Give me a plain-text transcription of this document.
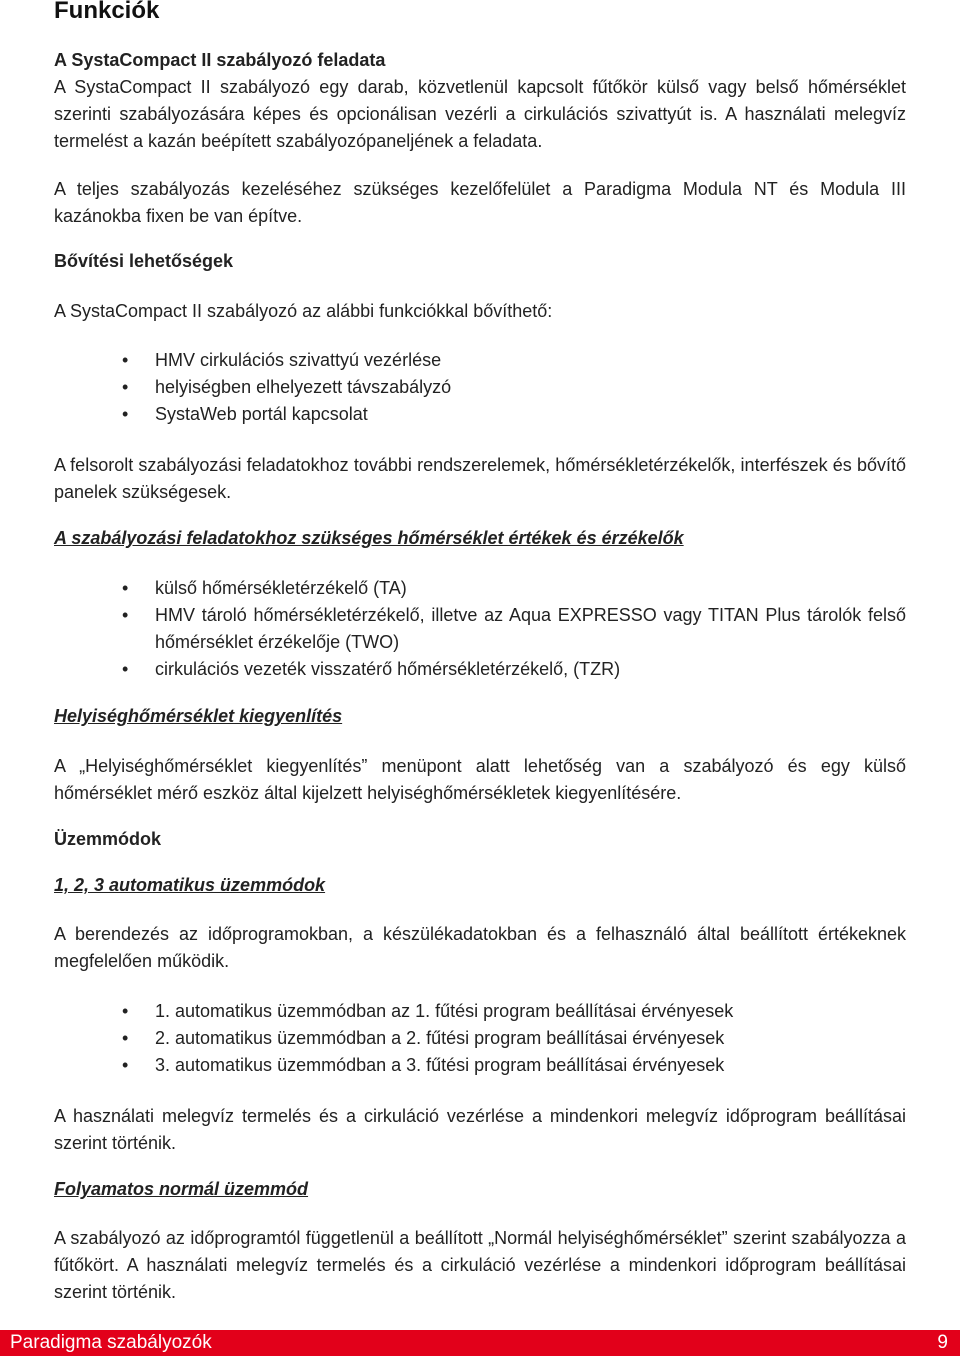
Funkciók
A SystaCompact II szabályozó feladata
A SystaCompact II szabályozó egy darab, közvetlenül kapcsolt fűtőkör külső vagy belső hőmérséklet szerinti szabályozására képes és opcionálisan vezérli a cirkulációs szivattyút is. A használati melegvíz termelést a kazán beépített szabályozópaneljének a feladata.
A teljes szabályozás kezeléséhez szükséges kezelőfelület a Paradigma Modula NT és Modula III kazánokba fixen be van építve.
Bővítési lehetőségek
A SystaCompact II szabályozó az alábbi funkciókkal bővíthető:
• HMV cirkulációs szivattyú vezérlése
• helyiségben elhelyezett távszabályzó
• SystaWeb portál kapcsolat
A felsorolt szabályozási feladatokhoz további rendszerelemek, hőmérsékletérzékelők, interfészek és bővítő panelek szükségesek.
A szabályozási feladatokhoz szükséges hőmérséklet értékek és érzékelők
• külső hőmérsékletérzékelő (TA)
• HMV tároló hőmérsékletérzékelő, illetve az Aqua EXPRESSO vagy TITAN Plus tárolók felső hőmérséklet érzékelője (TWO)
• cirkulációs vezeték visszatérő hőmérsékletérzékelő, (TZR)
Helyiséghőmérséklet kiegyenlítés
A „Helyiséghőmérséklet kiegyenlítés” menüpont alatt lehetőség van a szabályozó és egy külső hőmérséklet mérő eszköz által kijelzett helyiséghőmérsékletek kiegyenlítésére.
Üzemmódok
1, 2, 3 automatikus üzemmódok
A berendezés az időprogramokban, a készülékadatokban és a felhasználó által beállított értékeknek megfelelően működik.
• 1. automatikus üzemmódban az 1. fűtési program beállításai érvényesek
• 2. automatikus üzemmódban a 2. fűtési program beállításai érvényesek
• 3. automatikus üzemmódban a 3. fűtési program beállításai érvényesek
A használati melegvíz termelés és a cirkuláció vezérlése a mindenkori melegvíz időprogram beállításai szerint történik.
Folyamatos normál üzemmód
A szabályozó az időprogramtól függetlenül a beállított „Normál helyiséghőmérséklet” szerint szabályozza a fűtőkört. A használati melegvíz termelés és a cirkuláció vezérlése a mindenkori időprogram beállításai szerint történik.
Paradigma szabályozók	9
